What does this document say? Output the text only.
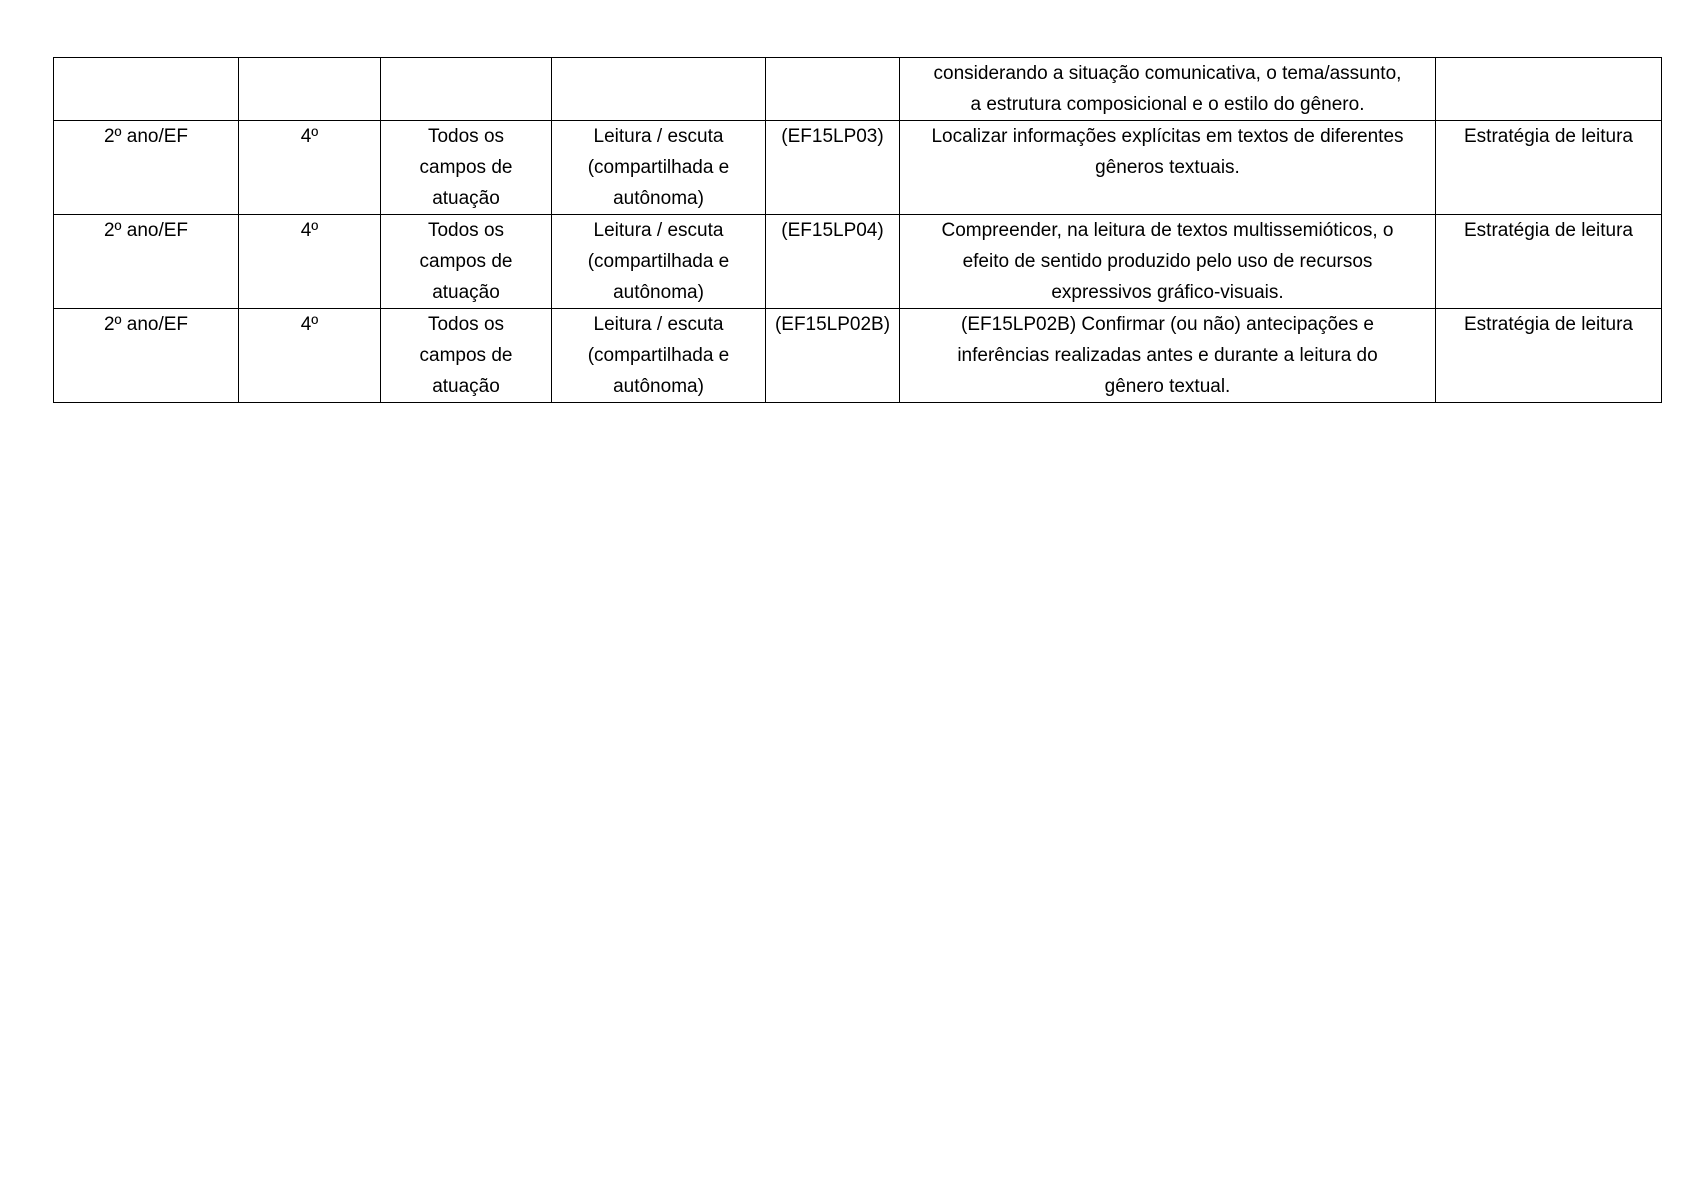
					considerando a situação comunicativa, o tema/assunto,
a estrutura composicional e o estilo do gênero.	

2º ano/EF	4º	Todos os
campos de
atuação	Leitura / escuta
(compartilhada e
autônoma)	(EF15LP03)	Localizar informações explícitas em textos de diferentes
gêneros textuais.	Estratégia de leitura

2º ano/EF	4º	Todos os
campos de
atuação	Leitura / escuta
(compartilhada e
autônoma)	(EF15LP04)	Compreender, na leitura de textos multissemióticos, o
efeito de sentido produzido pelo uso de recursos
expressivos gráfico-visuais.	Estratégia de leitura

2º ano/EF	4º	Todos os
campos de
atuação	Leitura / escuta
(compartilhada e
autônoma)	(EF15LP02B)	(EF15LP02B) Confirmar (ou não) antecipações e
inferências realizadas antes e durante a leitura do
gênero textual.	Estratégia de leitura
